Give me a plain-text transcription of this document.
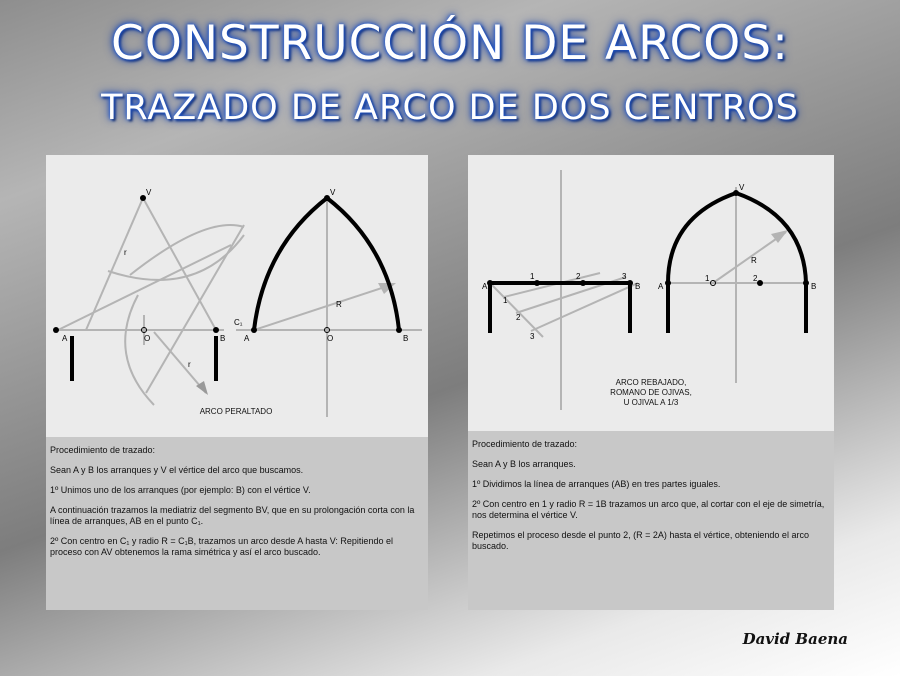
CONSTRUCCIÓN DE ARCOS:
TRAZADO DE ARCO DE DOS CENTROS
V
A	O	B
r
r
V
C₁
A	O	B
R
ARCO PERALTADO

Procedimiento de trazado:

Sean A y B los arranques y V el vértice del arco que buscamos.

1º Unimos uno de los arranques (por ejemplo: B) con el vértice V.

A continuación trazamos la mediatriz del segmento BV, que en su prolongación corta con la línea de arranques, AB en el punto C₁.

2º Con centro en C₁ y radio R = C₁B, trazamos un arco desde A hasta V: Repitiendo el proceso con AV obtenemos la rama simétrica y así el arco buscado.

A
1	2	3
B
1
2
3
V
A
1	2
B
R
ARCO REBAJADO,
ROMANO DE OJIVAS,
U OJIVAL A 1/3

Procedimiento de trazado:

Sean A y B los arranques.

1º Dividimos la línea de arranques (AB) en tres partes iguales.

2º Con centro en 1 y radio R = 1B trazamos un arco que, al cortar con el eje de simetría, nos determina el vértice V.

Repetimos el proceso desde el punto 2, (R = 2A) hasta el vértice, obteniendo el arco buscado.

David Baena
